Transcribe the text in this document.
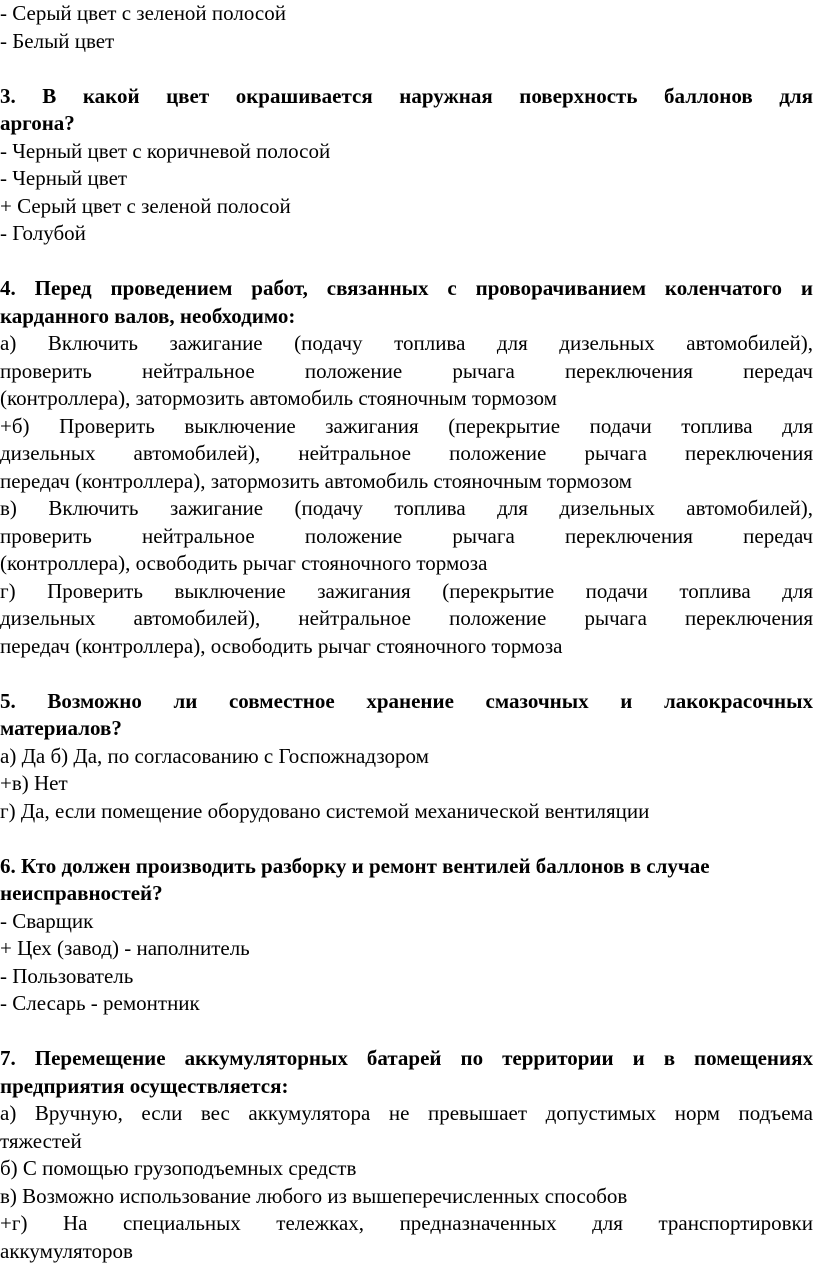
- Серый цвет с зеленой полосой
- Белый цвет
3. В какой цвет окрашивается наружная поверхность баллонов для
аргона?
- Черный цвет с коричневой полосой
- Черный цвет
+ Серый цвет с зеленой полосой
- Голубой
4. Перед проведением работ, связанных с проворачиванием коленчатого и
карданного валов, необходимо:
а) Включить зажигание (подачу топлива для дизельных автомобилей),
проверить нейтральное положение рычага переключения передач
(контроллера), затормозить автомобиль стояночным тормозом
+б) Проверить выключение зажигания (перекрытие подачи топлива для
дизельных автомобилей), нейтральное положение рычага переключения
передач (контроллера), затормозить автомобиль стояночным тормозом
в) Включить зажигание (подачу топлива для дизельных автомобилей),
проверить нейтральное положение рычага переключения передач
(контроллера), освободить рычаг стояночного тормоза
г) Проверить выключение зажигания (перекрытие подачи топлива для
дизельных автомобилей), нейтральное положение рычага переключения
передач (контроллера), освободить рычаг стояночного тормоза
5. Возможно ли совместное хранение смазочных и лакокрасочных
материалов?
а) Да б) Да, по согласованию с Госпожнадзором
+в) Нет
г) Да, если помещение оборудовано системой механической вентиляции
6. Кто должен производить разборку и ремонт вентилей баллонов в случае
неисправностей?
- Сварщик
+ Цех (завод) - наполнитель
- Пользователь
- Слесарь - ремонтник
7. Перемещение аккумуляторных батарей по территории и в помещениях
предприятия осуществляется:
а) Вручную, если вес аккумулятора не превышает допустимых норм подъема
тяжестей
б) С помощью грузоподъемных средств
в) Возможно использование любого из вышеперечисленных способов
+г) На специальных тележках, предназначенных для транспортировки
аккумуляторов
